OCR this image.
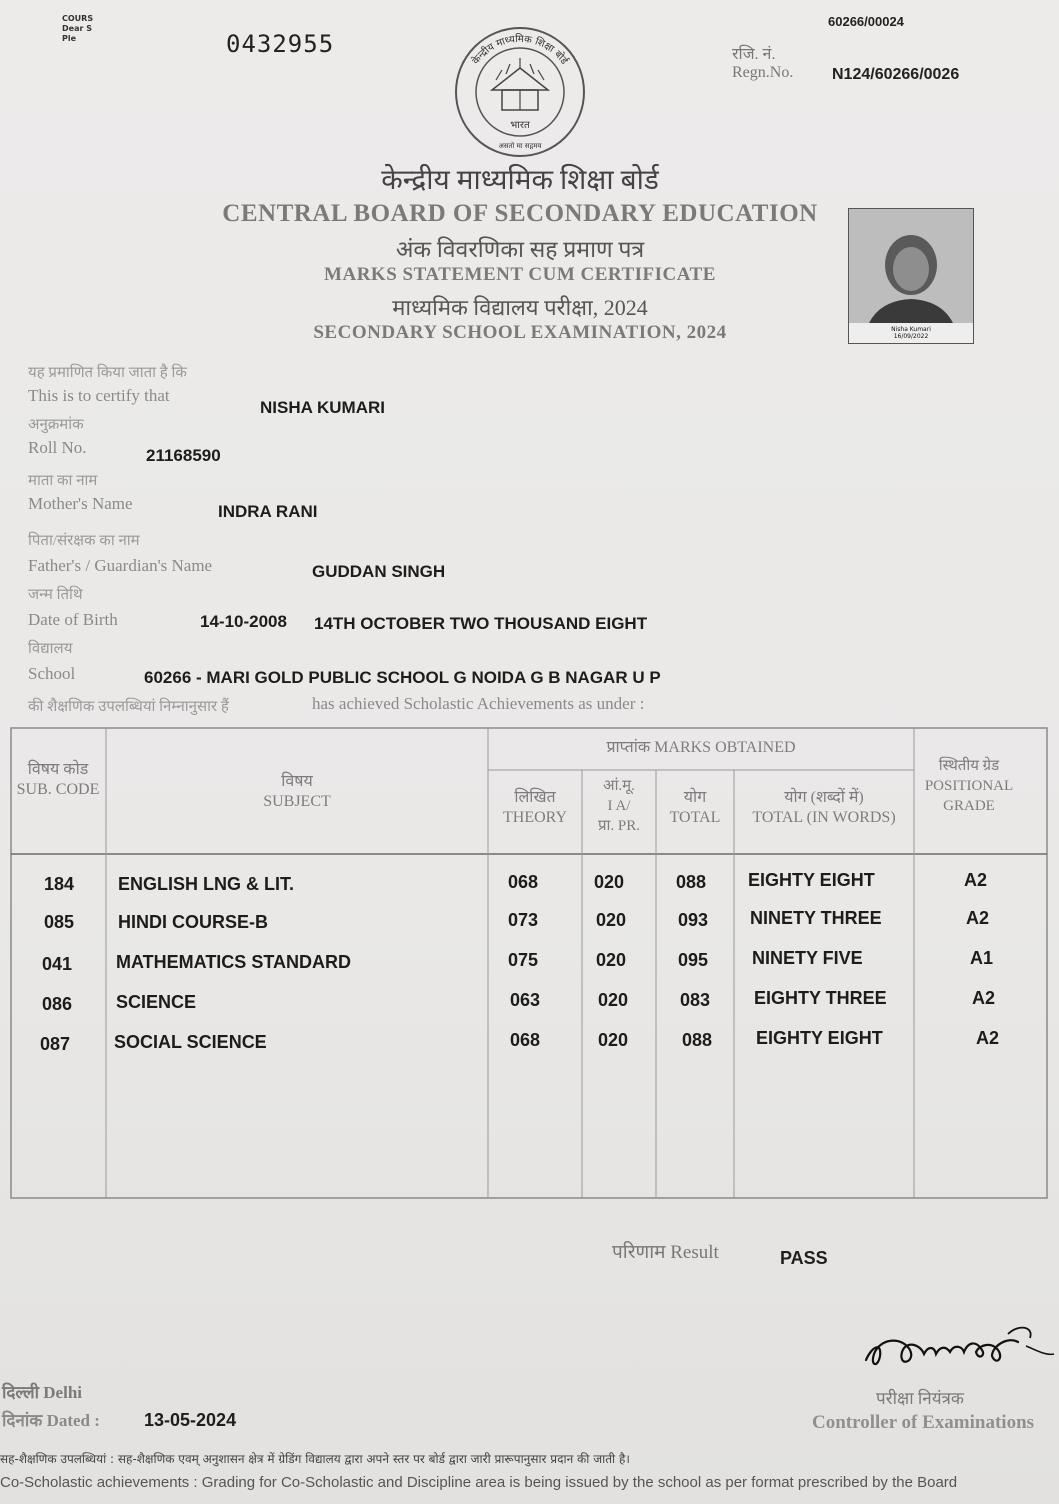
COURS
Dear S
Ple	0432955
60266/00024
रजि. नं.
Regn.No. N124/60266/0026
केन्द्रीय माध्यमिक शिक्षा बोर्ड
भारत
असतो मा सद्गमय
केन्द्रीय माध्यमिक शिक्षा बोर्ड
CENTRAL BOARD OF SECONDARY EDUCATION
अंक विवरणिका सह प्रमाण पत्र
MARKS STATEMENT CUM CERTIFICATE
माध्यमिक विद्यालय परीक्षा, 2024
SECONDARY SCHOOL EXAMINATION, 2024	Nisha Kumari
16/09/2022
यह प्रमाणित किया जाता है कि
This is to certify that
NISHA KUMARI
अनुक्रमांक
Roll No.	21168590
माता का नाम
Mother's Name	INDRA RANI
पिता/संरक्षक का नाम
Father's / Guardian's Name	GUDDAN SINGH
जन्म तिथि
Date of Birth	14-10-2008 14TH OCTOBER TWO THOUSAND EIGHT
विद्यालय
School	60266 - MARI GOLD PUBLIC SCHOOL G NOIDA G B NAGAR U P
की शैक्षणिक उपलब्धियां निम्नानुसार हैं	has achieved Scholastic Achievements as under :
विषय कोड
SUB. CODE	विषय
SUBJECT
प्राप्तांक MARKS OBTAINED
लिखित
THEORY
आं.मू.
I A/
प्रा. PR.
योग
TOTAL
योग (शब्दों में)
TOTAL (IN WORDS)
स्थितीय ग्रेड
POSITIONAL GRADE
184 ENGLISH LNG & LIT.	068	020	088 EIGHTY EIGHT	A2
085 HINDI COURSE-B	073	020	093 NINETY THREE	A2
041 MATHEMATICS STANDARD	075	020	095 NINETY FIVE	A1
086 SCIENCE	063	020	083 EIGHTY THREE	A2
087 SOCIAL SCIENCE	068	020	088 EIGHTY EIGHT	A2
परिणाम Result	PASS
दिल्ली Delhi
दिनांक Dated : 13-05-2024
परीक्षा नियंत्रक
Controller of Examinations
सह-शैक्षणिक उपलब्धियां : सह-शैक्षणिक एवम् अनुशासन क्षेत्र में ग्रेडिंग विद्यालय द्वारा अपने स्तर पर बोर्ड द्वारा जारी प्रारूपानुसार प्रदान की जाती है।
Co-Scholastic achievements : Grading for Co-Scholastic and Discipline area is being issued by the school as per format prescribed by the Board
